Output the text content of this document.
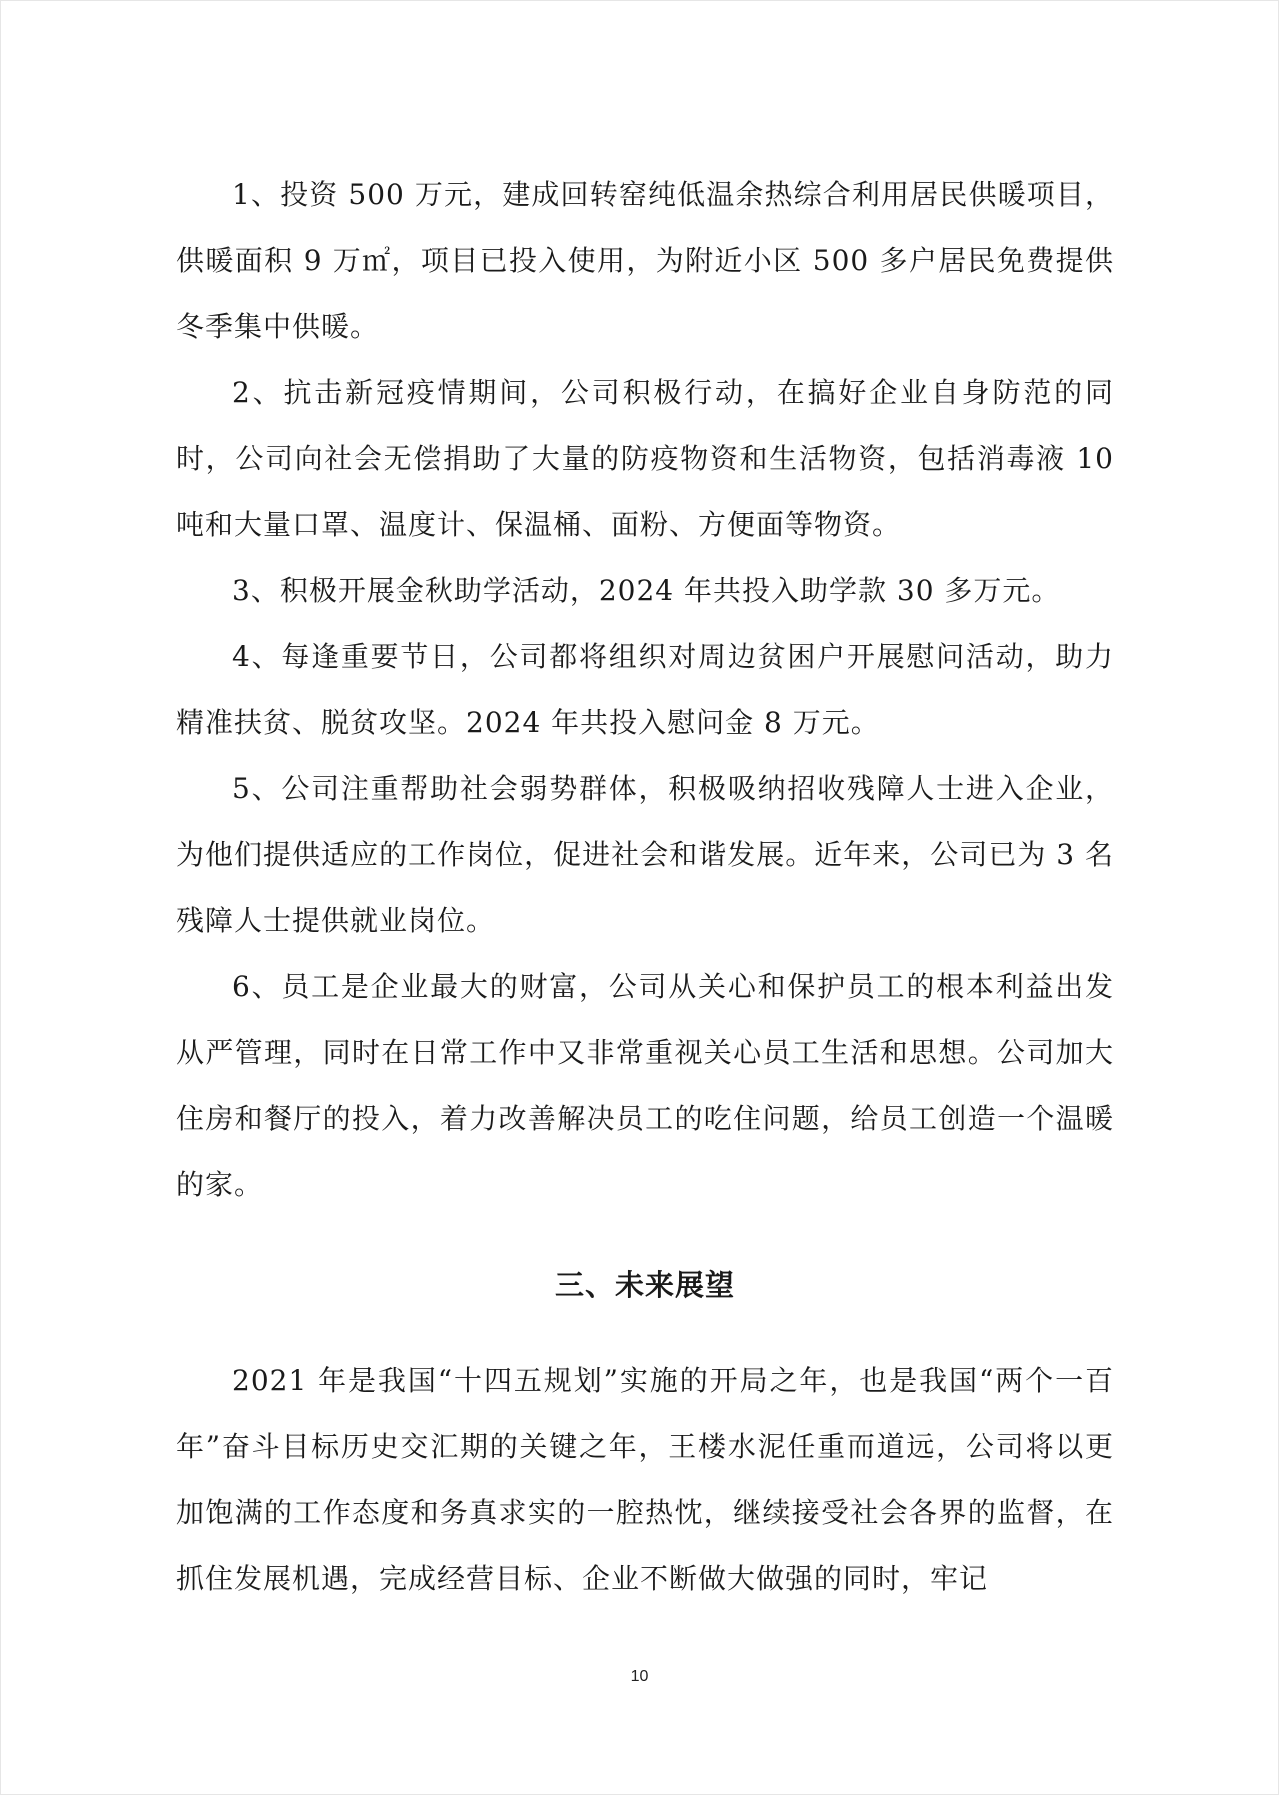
1、投资 500 万元，建成回转窑纯低温余热综合利用居民供暖项目，供暖面积 9 万㎡，项目已投入使用，为附近小区 500 多户居民免费提供冬季集中供暖。

2、抗击新冠疫情期间，公司积极行动，在搞好企业自身防范的同时，公司向社会无偿捐助了大量的防疫物资和生活物资，包括消毒液 10 吨和大量口罩、温度计、保温桶、面粉、方便面等物资。

3、积极开展金秋助学活动，2024 年共投入助学款 30 多万元。

4、每逢重要节日，公司都将组织对周边贫困户开展慰问活动，助力精准扶贫、脱贫攻坚。2024 年共投入慰问金 8 万元。

5、公司注重帮助社会弱势群体，积极吸纳招收残障人士进入企业，为他们提供适应的工作岗位，促进社会和谐发展。近年来，公司已为 3 名残障人士提供就业岗位。

6、员工是企业最大的财富，公司从关心和保护员工的根本利益出发从严管理，同时在日常工作中又非常重视关心员工生活和思想。公司加大住房和餐厅的投入，着力改善解决员工的吃住问题，给员工创造一个温暖的家。

三、未来展望

2021 年是我国“十四五规划”实施的开局之年，也是我国“两个一百年”奋斗目标历史交汇期的关键之年，王楼水泥任重而道远，公司将以更加饱满的工作态度和务真求实的一腔热忱，继续接受社会各界的监督，在抓住发展机遇，完成经营目标、企业不断做大做强的同时，牢记

10
